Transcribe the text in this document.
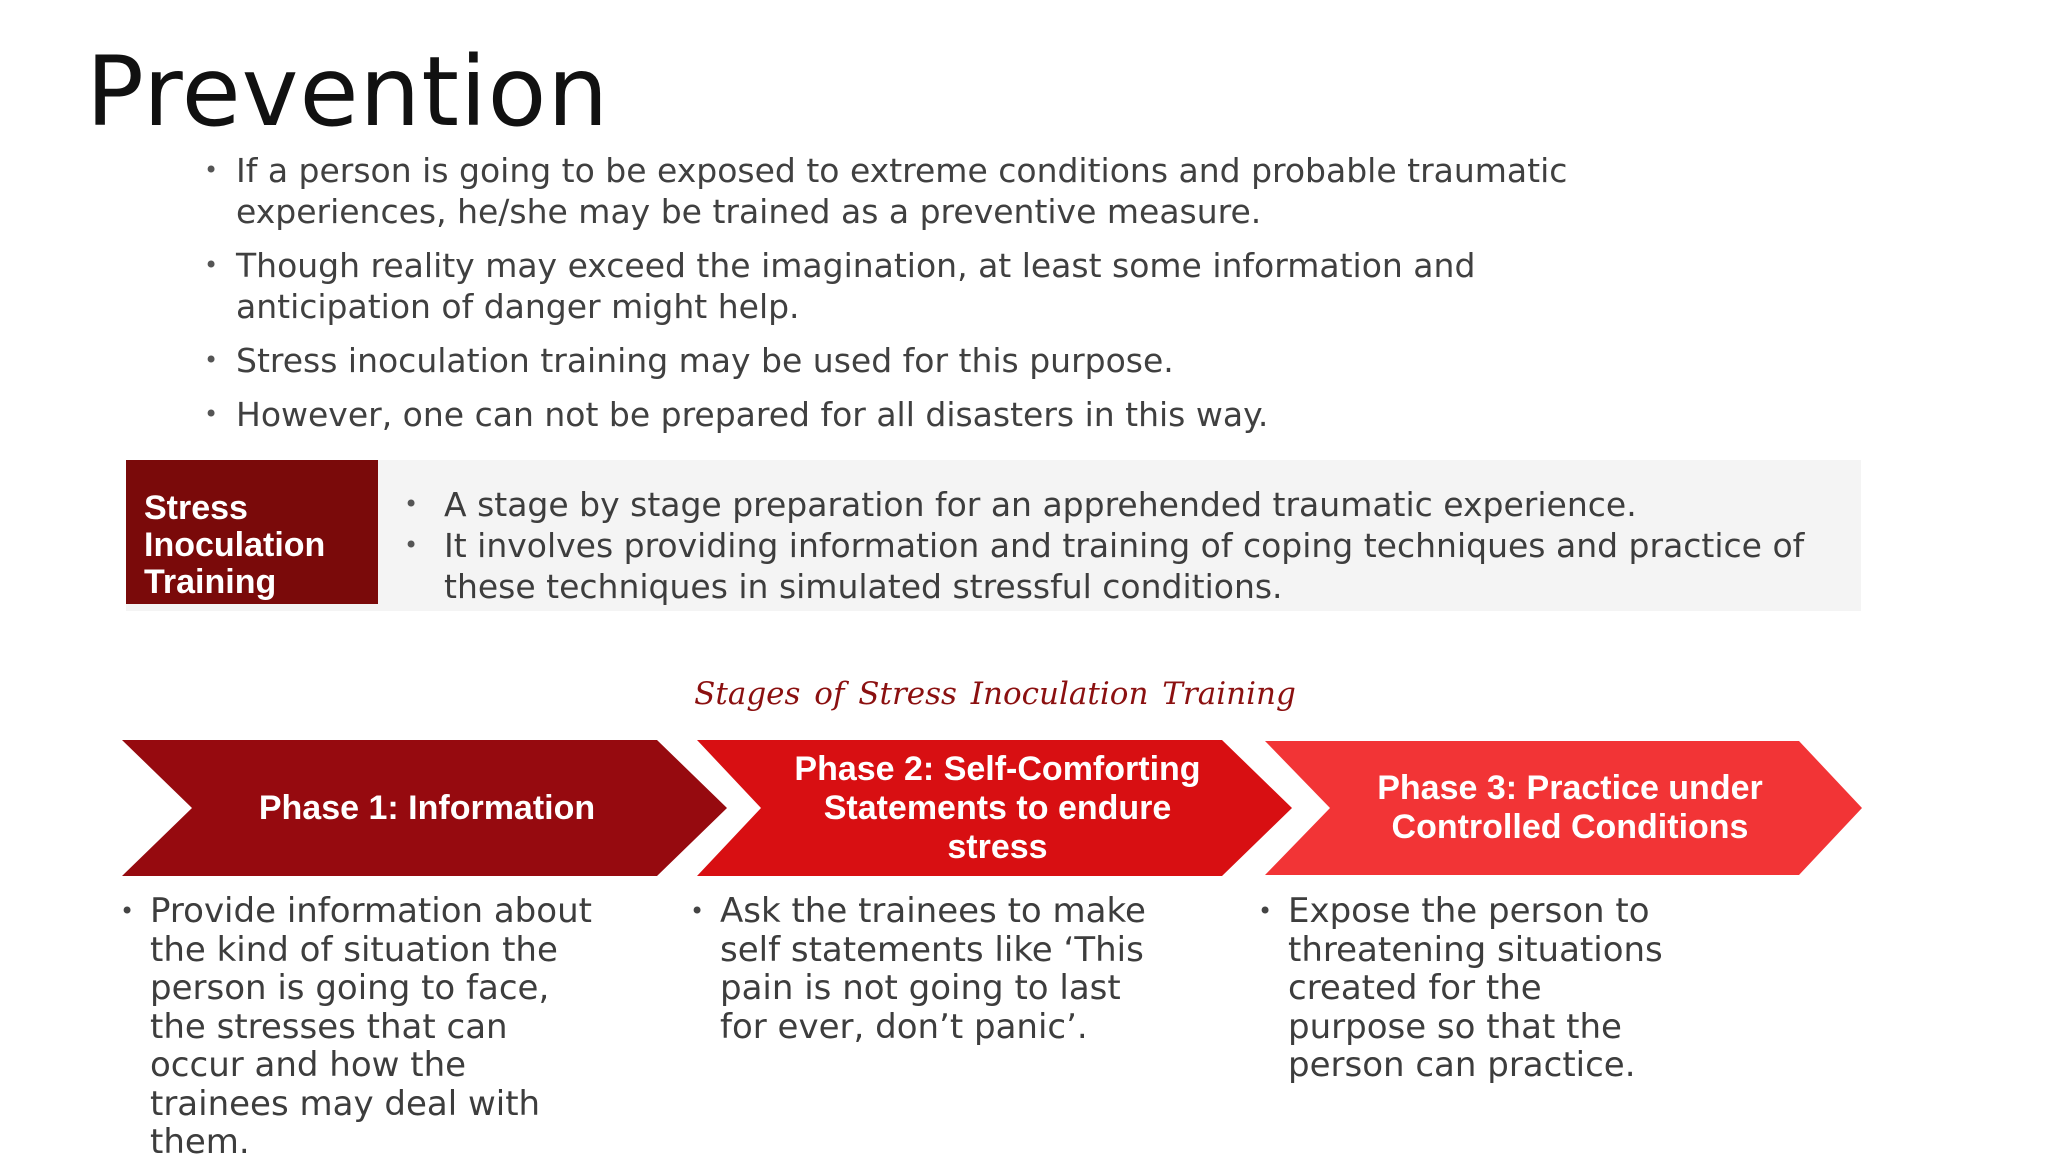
Prevention
• If a person is going to be exposed to extreme conditions and probable traumatic experiences, he/she may be trained as a preventive measure.
• Though reality may exceed the imagination, at least some information and anticipation of danger might help.
• Stress inoculation training may be used for this purpose.
• However, one can not be prepared for all disasters in this way.
Stress Inoculation Training
• A stage by stage preparation for an apprehended traumatic experience.
• It involves providing information and training of coping techniques and practice of these techniques in simulated stressful conditions.
Stages of Stress Inoculation Training
Phase 1: Information
Phase 2: Self-Comforting Statements to endure stress
Phase 3: Practice under Controlled Conditions
• Provide information about the kind of situation the person is going to face, the stresses that can occur and how the trainees may deal with them.
• Ask the trainees to make self statements like ‘This pain is not going to last for ever, don’t panic’.
• Expose the person to threatening situations created for the purpose so that the person can practice.
